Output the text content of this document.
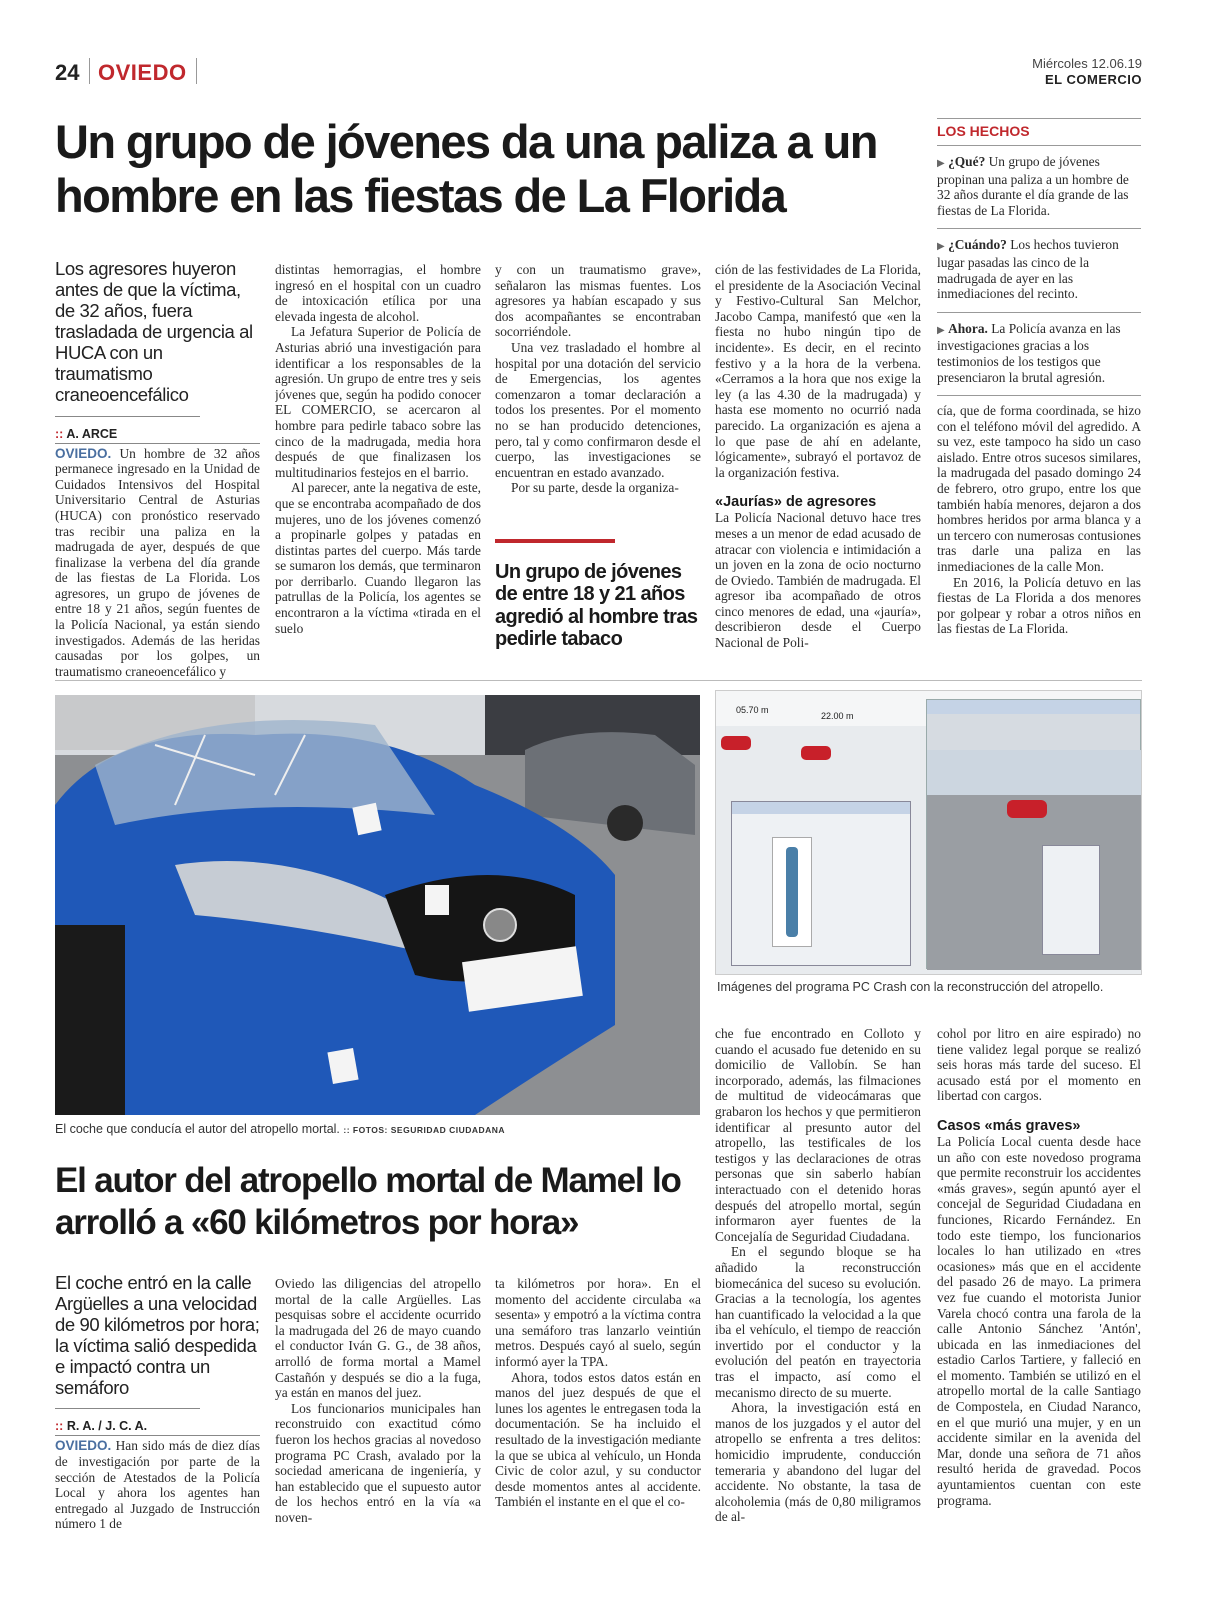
24 OVIEDO	Miércoles 12.06.19
EL COMERCIO
Un grupo de jóvenes da una paliza a un hombre en las fiestas de La Florida
Los agresores huyeron antes de que la víctima, de 32 años, fuera trasladada de urgencia al HUCA con un traumatismo craneoencefálico
:: A. ARCE

OVIEDO. Un hombre de 32 años permanece ingresado en la Unidad de Cuidados Intensivos del Hospital Universitario Central de Asturias (HUCA) con pronóstico reservado tras recibir una paliza en la madrugada de ayer, después de que finalizase la verbena del día grande de las fiestas de La Florida. Los agresores, un grupo de jóvenes de entre 18 y 21 años, según fuentes de la Policía Nacional, ya están siendo investigados. Además de las heridas causadas por los golpes, un traumatismo craneoencefálico y

distintas hemorragias, el hombre ingresó en el hospital con un cuadro de intoxicación etílica por una elevada ingesta de alcohol.

La Jefatura Superior de Policía de Asturias abrió una investigación para identificar a los responsables de la agresión. Un grupo de entre tres y seis jóvenes que, según ha podido conocer EL COMERCIO, se acercaron al hombre para pedirle tabaco sobre las cinco de la madrugada, media hora después de que finalizasen los multitudinarios festejos en el barrio.

Al parecer, ante la negativa de este, que se encontraba acompañado de dos mujeres, uno de los jóvenes comenzó a propinarle golpes y patadas en distintas partes del cuerpo. Más tarde se sumaron los demás, que terminaron por derribarlo. Cuando llegaron las patrullas de la Policía, los agentes se encontraron a la víctima «tirada en el suelo

y con un traumatismo grave», señalaron las mismas fuentes. Los agresores ya habían escapado y sus dos acompañantes se encontraban socorriéndole.

Una vez trasladado el hombre al hospital por una dotación del servicio de Emergencias, los agentes comenzaron a tomar declaración a todos los presentes. Por el momento no se han producido detenciones, pero, tal y como confirmaron desde el cuerpo, las investigaciones se encuentran en estado avanzado.

Por su parte, desde la organiza-

Un grupo de jóvenes de entre 18 y 21 años agredió al hombre tras pedirle tabaco

ción de las festividades de La Florida, el presidente de la Asociación Vecinal y Festivo-Cultural San Melchor, Jacobo Campa, manifestó que «en la fiesta no hubo ningún tipo de incidente». Es decir, en el recinto festivo y a la hora de la verbena. «Cerramos a la hora que nos exige la ley (a las 4.30 de la madrugada) y hasta ese momento no ocurrió nada parecido. La organización es ajena a lo que pase de ahí en adelante, lógicamente», subrayó el portavoz de la organización festiva.

«Jaurías» de agresores

La Policía Nacional detuvo hace tres meses a un menor de edad acusado de atracar con violencia e intimidación a un joven en la zona de ocio nocturno de Oviedo. También de madrugada. El agresor iba acompañado de otros cinco menores de edad, una «jauría», describieron desde el Cuerpo Nacional de Poli-

LOS HECHOS
▶ ¿Qué? Un grupo de jóvenes propinan una paliza a un hombre de 32 años durante el día grande de las fiestas de La Florida.
▶ ¿Cuándo? Los hechos tuvieron lugar pasadas las cinco de la madrugada de ayer en las inmediaciones del recinto.
▶ Ahora. La Policía avanza en las investigaciones gracias a los testimonios de los testigos que presenciaron la brutal agresión.

cía, que de forma coordinada, se hizo con el teléfono móvil del agredido. A su vez, este tampoco ha sido un caso aislado. Entre otros sucesos similares, la madrugada del pasado domingo 24 de febrero, otro grupo, entre los que también había menores, dejaron a dos hombres heridos por arma blanca y a un tercero con numerosas contusiones tras darle una paliza en las inmediaciones de la calle Mon.

En 2016, la Policía detuvo en las fiestas de La Florida a dos menores por golpear y robar a otros niños en las fiestas de La Florida.

El coche que conducía el autor del atropello mortal. :: FOTOS: SEGURIDAD CIUDADANA
05.70 m
22.00 m
Imágenes del programa PC Crash con la reconstrucción del atropello.
El autor del atropello mortal de Mamel lo arrolló a «60 kilómetros por hora»
El coche entró en la calle Argüelles a una velocidad de 90 kilómetros por hora; la víctima salió despedida e impactó contra un semáforo
:: R. A. / J. C. A.

OVIEDO. Han sido más de diez días de investigación por parte de la sección de Atestados de la Policía Local y ahora los agentes han entregado al Juzgado de Instrucción número 1 de

Oviedo las diligencias del atropello mortal de la calle Argüelles. Las pesquisas sobre el accidente ocurrido la madrugada del 26 de mayo cuando el conductor Iván G. G., de 38 años, arrolló de forma mortal a Mamel Castañón y después se dio a la fuga, ya están en manos del juez.

Los funcionarios municipales han reconstruido con exactitud cómo fueron los hechos gracias al novedoso programa PC Crash, avalado por la sociedad americana de ingeniería, y han establecido que el supuesto autor de los hechos entró en la vía «a noven-

ta kilómetros por hora». En el momento del accidente circulaba «a sesenta» y empotró a la víctima contra una semáforo tras lanzarlo veintiún metros. Después cayó al suelo, según informó ayer la TPA.

Ahora, todos estos datos están en manos del juez después de que el lunes los agentes le entregasen toda la documentación. Se ha incluido el resultado de la investigación mediante la que se ubica al vehículo, un Honda Civic de color azul, y su conductor desde momentos antes al accidente. También el instante en el que el co-

che fue encontrado en Colloto y cuando el acusado fue detenido en su domicilio de Vallobín. Se han incorporado, además, las filmaciones de multitud de videocámaras que grabaron los hechos y que permitieron identificar al presunto autor del atropello, las testificales de los testigos y las declaraciones de otras personas que sin saberlo habían interactuado con el detenido horas después del atropello mortal, según informaron ayer fuentes de la Concejalía de Seguridad Ciudadana.

En el segundo bloque se ha añadido la reconstrucción biomecánica del suceso su evolución. Gracias a la tecnología, los agentes han cuantificado la velocidad a la que iba el vehículo, el tiempo de reacción invertido por el conductor y la evolución del peatón en trayectoria tras el impacto, así como el mecanismo directo de su muerte.

Ahora, la investigación está en manos de los juzgados y el autor del atropello se enfrenta a tres delitos: homicidio imprudente, conducción temeraria y abandono del lugar del accidente. No obstante, la tasa de alcoholemia (más de 0,80 miligramos de al-

cohol por litro en aire espirado) no tiene validez legal porque se realizó seis horas más tarde del suceso. El acusado está por el momento en libertad con cargos.

Casos «más graves»

La Policía Local cuenta desde hace un año con este novedoso programa que permite reconstruir los accidentes «más graves», según apuntó ayer el concejal de Seguridad Ciudadana en funciones, Ricardo Fernández. En todo este tiempo, los funcionarios locales lo han utilizado en «tres ocasiones» más que en el accidente del pasado 26 de mayo. La primera vez fue cuando el motorista Junior Varela chocó contra una farola de la calle Antonio Sánchez 'Antón', ubicada en las inmediaciones del estadio Carlos Tartiere, y falleció en el momento. También se utilizó en el atropello mortal de la calle Santiago de Compostela, en Ciudad Naranco, en el que murió una mujer, y en un accidente similar en la avenida del Mar, donde una señora de 71 años resultó herida de gravedad. Pocos ayuntamientos cuentan con este programa.
